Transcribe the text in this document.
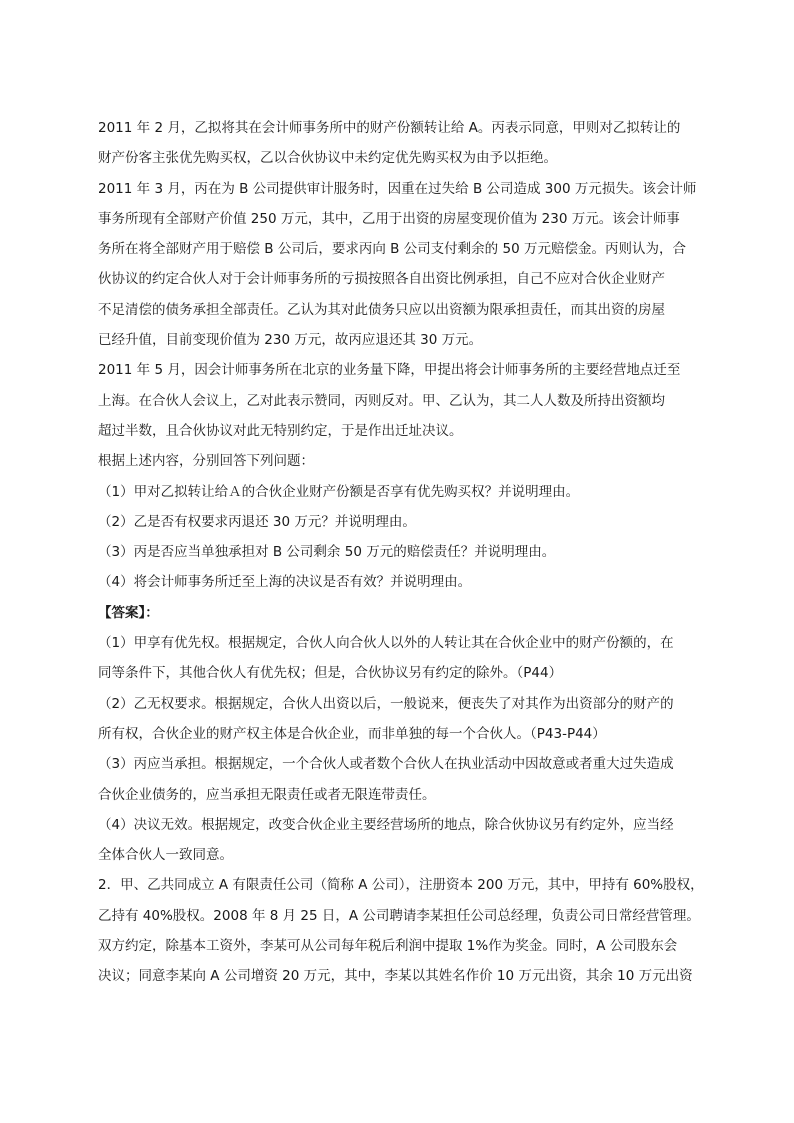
2011 年 2 月，乙拟将其在会计师事务所中的财产份额转让给 A。丙表示同意，甲则对乙拟转让的
财产份客主张优先购买权，乙以合伙协议中未约定优先购买权为由予以拒绝。
2011 年 3 月，丙在为 B 公司提供审计服务时，因重在过失给 B 公司造成 300 万元损失。该会计师
事务所现有全部财产价值 250 万元，其中，乙用于出资的房屋变现价值为 230 万元。该会计师事
务所在将全部财产用于赔偿 B 公司后，要求丙向 B 公司支付剩余的 50 万元赔偿金。丙则认为，合
伙协议的约定合伙人对于会计师事务所的亏损按照各自出资比例承担，自己不应对合伙企业财产
不足清偿的债务承担全部责任。乙认为其对此债务只应以出资额为限承担责任，而其出资的房屋
已经升值，目前变现价值为 230 万元，故丙应退还其 30 万元。
2011 年 5 月，因会计师事务所在北京的业务量下降，甲提出将会计师事务所的主要经营地点迁至
上海。在合伙人会议上，乙对此表示赞同，丙则反对。甲、乙认为，其二人人数及所持出资额均
超过半数，且合伙协议对此无特别约定，于是作出迁址决议。
根据上述内容，分别回答下列问题：
（1）甲对乙拟转让给Ａ的合伙企业财产份额是否享有优先购买权？并说明理由。
（2）乙是否有权要求丙退还 30 万元？并说明理由。
（3）丙是否应当单独承担对 B 公司剩余 50 万元的赔偿责任？并说明理由。
（4）将会计师事务所迁至上海的决议是否有效？并说明理由。
【答案】：
（1）甲享有优先权。根据规定，合伙人向合伙人以外的人转让其在合伙企业中的财产份额的，在
同等条件下，其他合伙人有优先权；但是，合伙协议另有约定的除外。（P44）
（2）乙无权要求。根据规定，合伙人出资以后，一般说来，便丧失了对其作为出资部分的财产的
所有权，合伙企业的财产权主体是合伙企业，而非单独的每一个合伙人。（P43-P44）
（3）丙应当承担。根据规定，一个合伙人或者数个合伙人在执业活动中因故意或者重大过失造成
合伙企业债务的，应当承担无限责任或者无限连带责任。
（4）决议无效。根据规定，改变合伙企业主要经营场所的地点，除合伙协议另有约定外，应当经
全体合伙人一致同意。
2．甲、乙共同成立 A 有限责任公司（简称 A 公司），注册资本 200 万元，其中，甲持有 60%股权，
乙持有 40%股权。2008 年 8 月 25 日，A 公司聘请李某担任公司总经理，负责公司日常经营管理。
双方约定，除基本工资外，李某可从公司每年税后利润中提取 1%作为奖金。同时，A 公司股东会
决议；同意李某向 A 公司增资 20 万元，其中，李某以其姓名作价 10 万元出资，其余 10 万元出资
